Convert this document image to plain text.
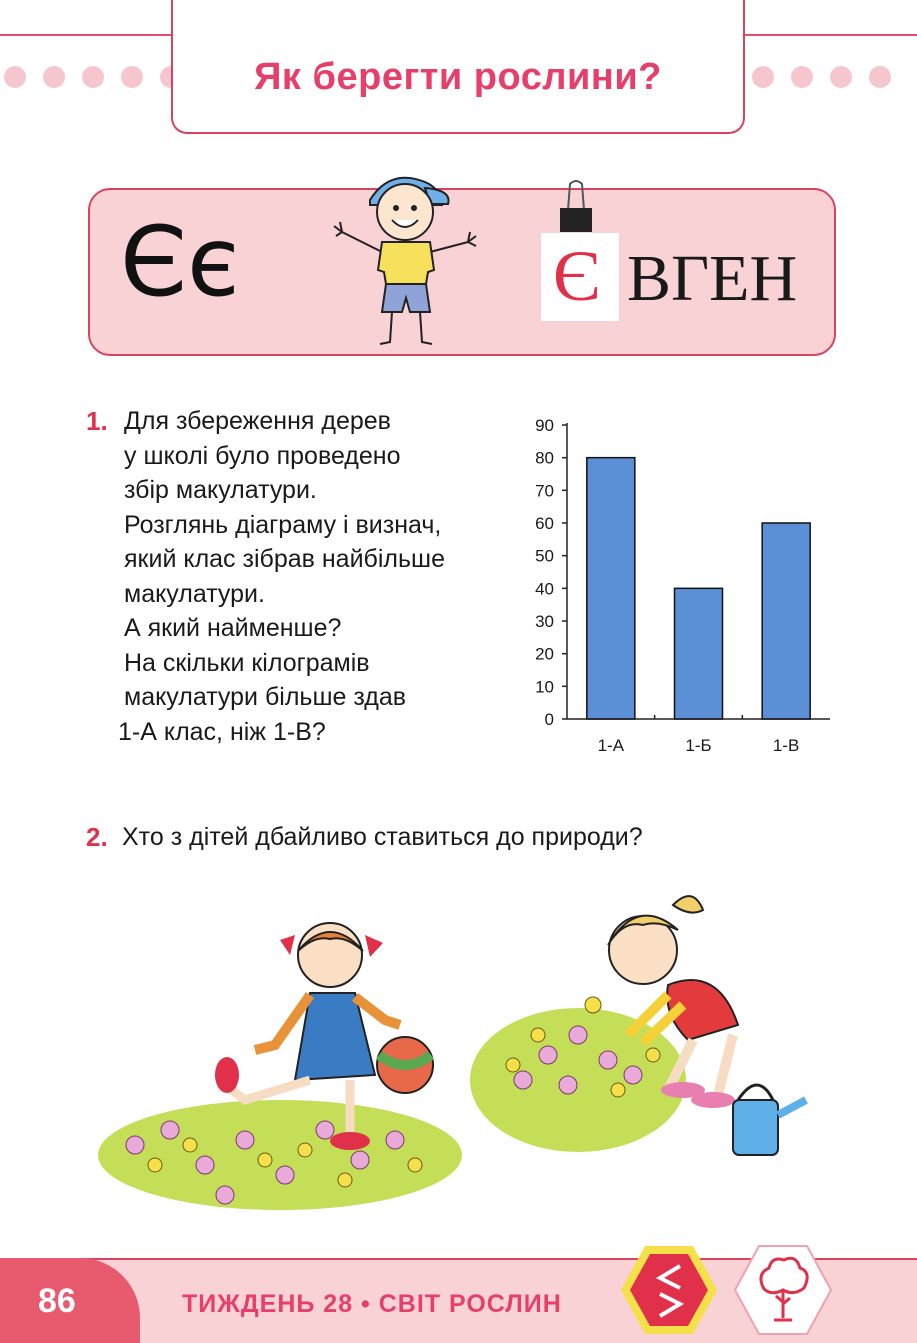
Як берегти рослини?
Єє	Є ВГЕН
1. Для збереження дерев
у школі було проведено
збір макулатури.
Розглянь діаграму і визнач,
який клас зібрав найбільше
макулатури.
А який найменше?
На скільки кілограмів
макулатури більше здав
1-А клас, ніж 1-В?	0
10
20
30
40
50
60
70
80
90
1-А	1-Б	1-В
2. Хто з дітей дбайливо ставиться до природи?
86	ТИЖДЕНЬ 28 • СВІТ РОСЛИН
